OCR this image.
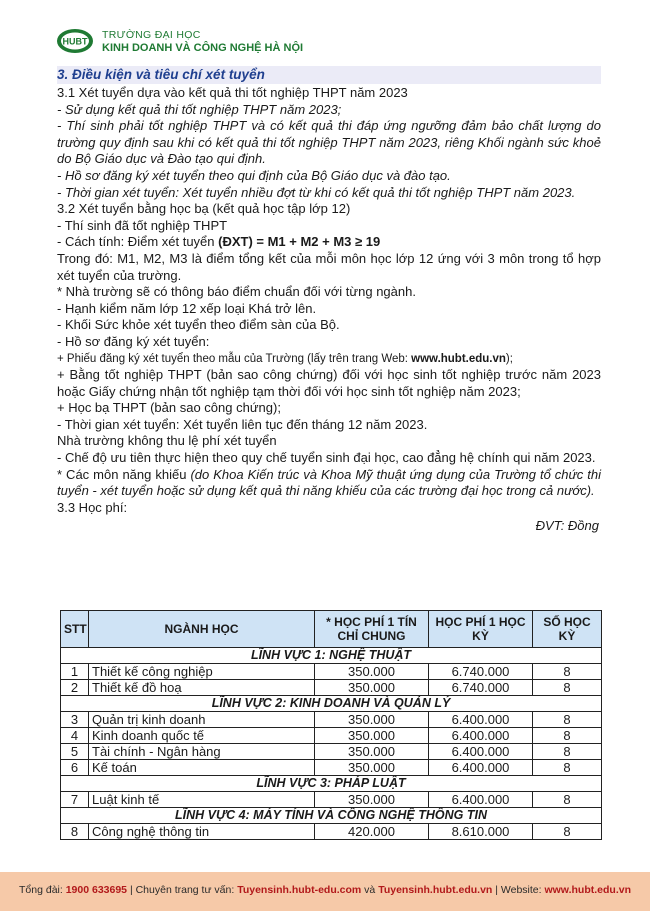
HUBT
TRƯỜNG ĐẠI HỌC
KINH DOANH VÀ CÔNG NGHỆ HÀ NỘI
3. Điều kiện và tiêu chí xét tuyển
3.1 Xét tuyển dựa vào kết quả thi tốt nghiệp THPT năm 2023
- Sử dụng kết quả thi tốt nghiệp THPT năm 2023;
- Thí sinh phải tốt nghiệp THPT và có kết quả thi đáp ứng ngưỡng đảm bảo chất lượng do trường quy định sau khi có kết quả thi tốt nghiệp THPT năm 2023, riêng Khối ngành sức khoẻ do Bộ Giáo dục và Đào tạo qui định.
- Hồ sơ đăng ký xét tuyển theo qui định của Bộ Giáo dục và đào tạo.
- Thời gian xét tuyển: Xét tuyển nhiều đợt từ khi có kết quả thi tốt nghiệp THPT năm 2023.
3.2 Xét tuyển bằng học bạ (kết quả học tập lớp 12)
- Thí sinh đã tốt nghiệp THPT
- Cách tính: Điểm xét tuyển (ĐXT) = M1 + M2 + M3 ≥ 19
Trong đó: M1, M2, M3 là điểm tổng kết của mỗi môn học lớp 12 ứng với 3 môn trong tổ hợp xét tuyển của trường.
* Nhà trường sẽ có thông báo điểm chuẩn đối với từng ngành.
- Hạnh kiểm năm lớp 12 xếp loại Khá trở lên.
- Khối Sức khỏe xét tuyển theo điểm sàn của Bộ.
- Hồ sơ đăng ký xét tuyển:
+ Phiếu đăng ký xét tuyển theo mẫu của Trường (lấy trên trang Web: www.hubt.edu.vn);
+ Bằng tốt nghiệp THPT (bản sao công chứng) đối với học sinh tốt nghiệp trước năm 2023 hoặc Giấy chứng nhận tốt nghiệp tạm thời đối với học sinh tốt nghiệp năm 2023;
+ Học bạ THPT (bản sao công chứng);
- Thời gian xét tuyển: Xét tuyển liên tục đến tháng 12 năm 2023.
Nhà trường không thu lệ phí xét tuyển
- Chế độ ưu tiên thực hiện theo quy chế tuyển sinh đại học, cao đẳng hệ chính qui năm 2023.
* Các môn năng khiếu (do Khoa Kiến trúc và Khoa Mỹ thuật ứng dụng của Trường tổ chức thi tuyển - xét tuyển hoặc sử dụng kết quả thi năng khiếu của các trường đại học trong cả nước).
3.3 Học phí:
ĐVT: Đồng
STT	NGÀNH HỌC	* HỌC PHÍ 1 TÍN CHỈ CHUNG	HỌC PHÍ 1 HỌC KỲ	SỐ HỌC KỲ
LĨNH VỰC 1: NGHỆ THUẬT				
1	Thiết kế công nghiệp	350.000	6.740.000	8
2	Thiết kế đồ hoạ	350.000	6.740.000	8
LĨNH VỰC 2: KINH DOANH VÀ QUẢN LÝ				
3	Quản trị kinh doanh	350.000	6.400.000	8
4	Kinh doanh quốc tế	350.000	6.400.000	8
5	Tài chính - Ngân hàng	350.000	6.400.000	8
6	Kế toán	350.000	6.400.000	8
LĨNH VỰC 3: PHÁP LUẬT				
7	Luật kinh tế	350.000	6.400.000	8
LĨNH VỰC 4: MÁY TÍNH VÀ CÔNG NGHỆ THÔNG TIN				
8	Công nghệ thông tin	420.000	8.610.000	8
Tổng đài: 1900 633695 | Chuyên trang tư vấn: Tuyensinh.hubt-edu.com và Tuyensinh.hubt.edu.vn | Website: www.hubt.edu.vn
